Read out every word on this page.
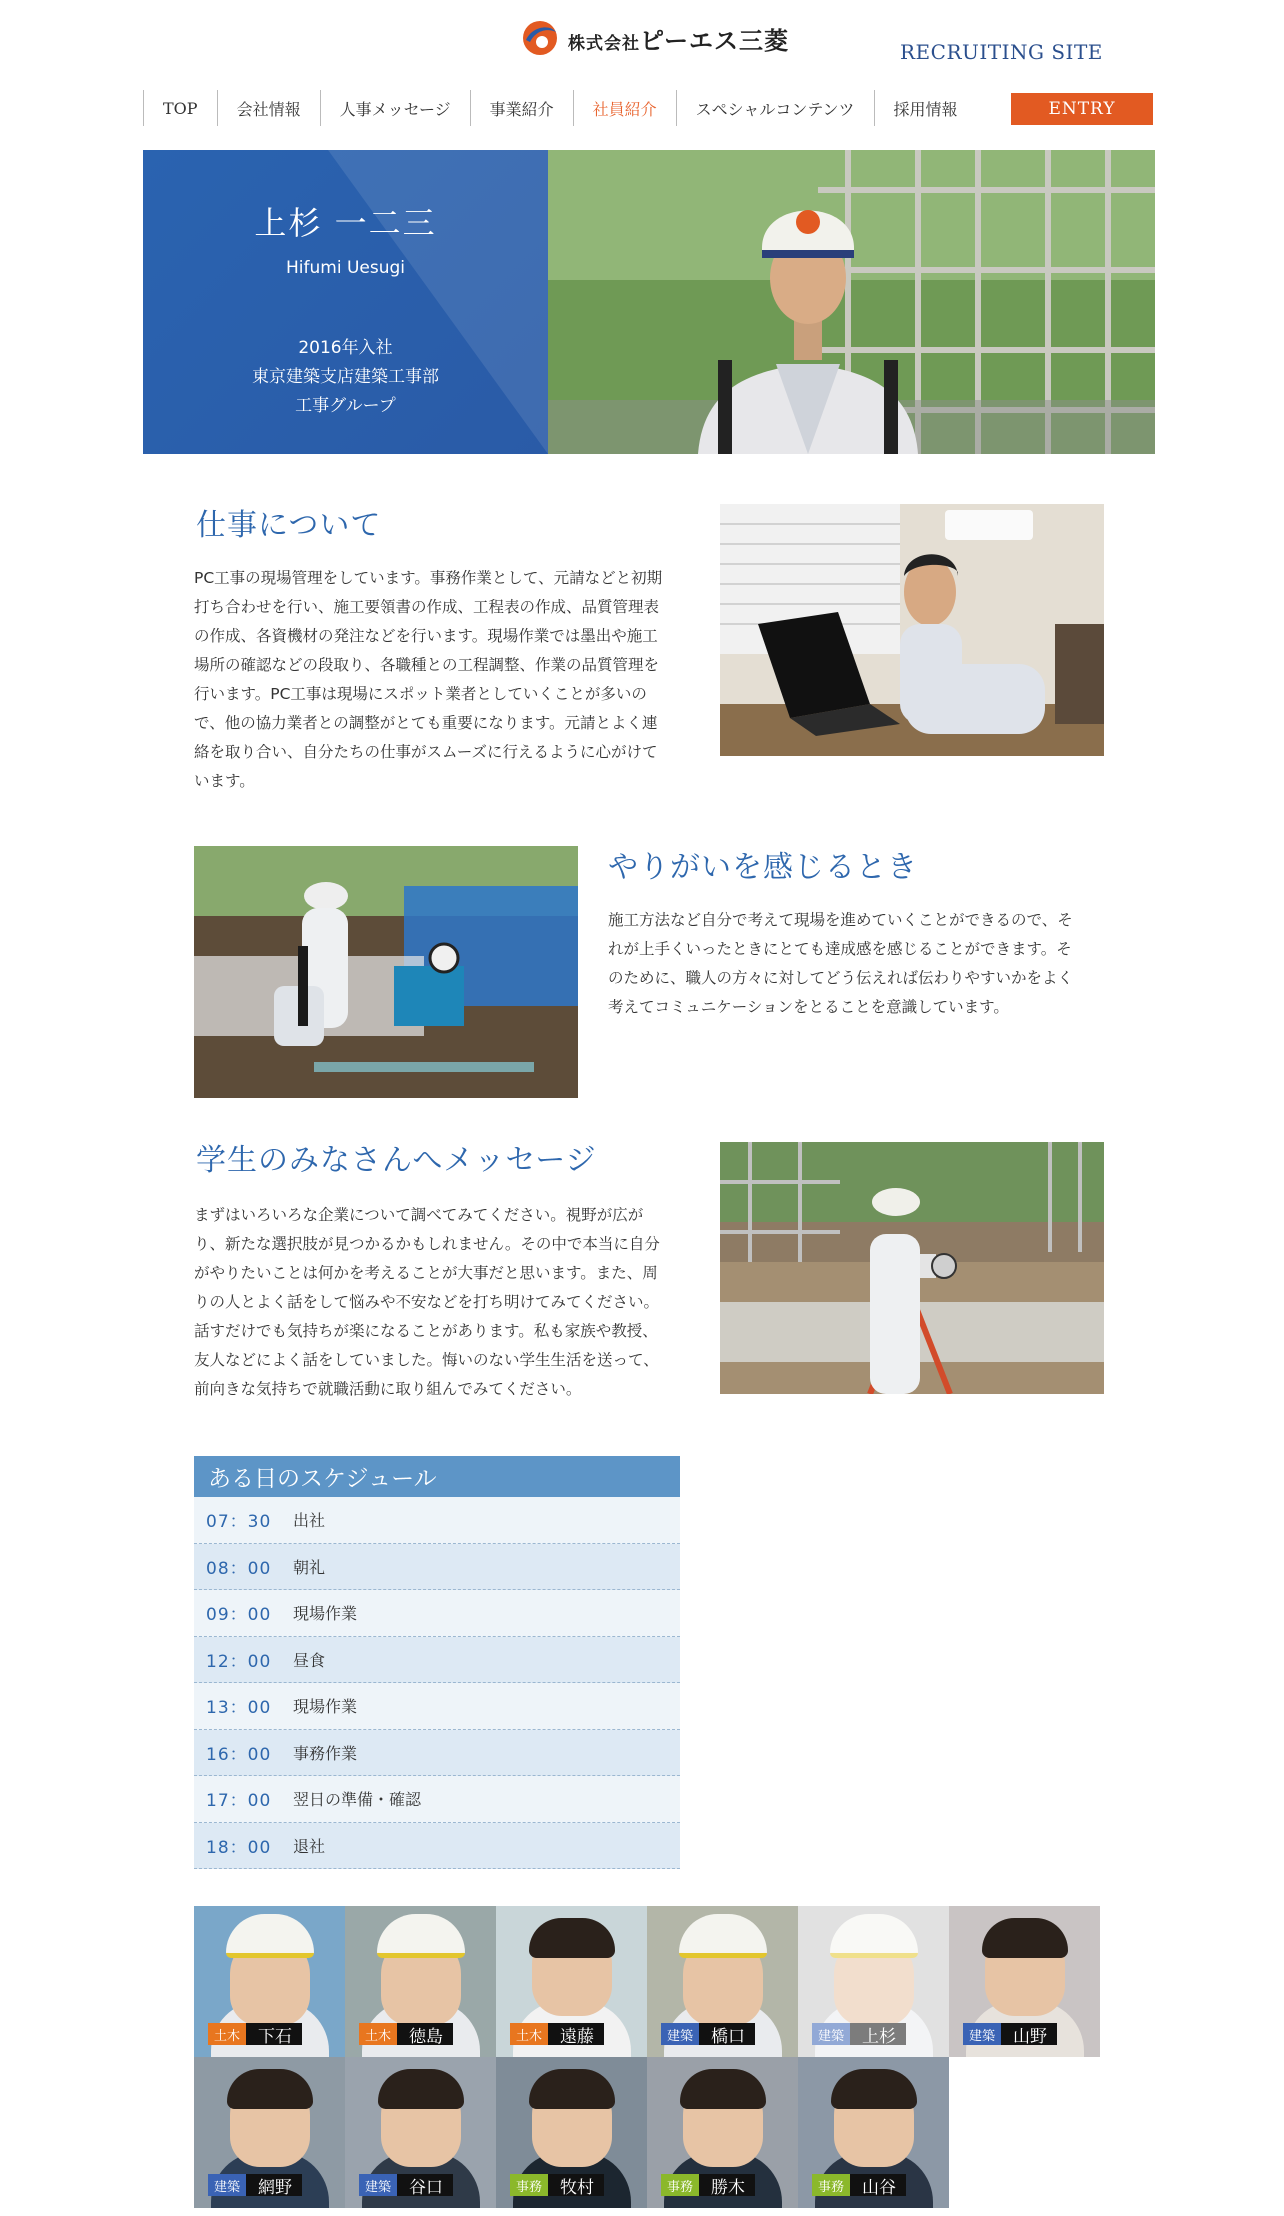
株式会社ピーエス三菱	RECRUITING SITE
TOP	会社情報	人事メッセージ	事業紹介	社員紹介	スペシャルコンテンツ	採用情報	ENTRY
上杉 一二三
Hifumi Uesugi
2016年入社
東京建築支店建築工事部
工事グループ
仕事について
PC工事の現場管理をしています。事務作業として、元請などと初期
打ち合わせを行い、施工要領書の作成、工程表の作成、品質管理表
の作成、各資機材の発注などを行います。現場作業では墨出や施工
場所の確認などの段取り、各職種との工程調整、作業の品質管理を
行います。PC工事は現場にスポット業者としていくことが多いの
で、他の協力業者との調整がとても重要になります。元請とよく連
絡を取り合い、自分たちの仕事がスムーズに行えるように心がけて
います。
やりがいを感じるとき
施工方法など自分で考えて現場を進めていくことができるので、そ
れが上手くいったときにとても達成感を感じることができます。そ
のために、職人の方々に対してどう伝えれば伝わりやすいかをよく
考えてコミュニケーションをとることを意識しています。
学生のみなさんへメッセージ
まずはいろいろな企業について調べてみてください。視野が広が
り、新たな選択肢が見つかるかもしれません。その中で本当に自分
がやりたいことは何かを考えることが大事だと思います。また、周
りの人とよく話をして悩みや不安などを打ち明けてみてください。
話すだけでも気持ちが楽になることがあります。私も家族や教授、
友人などによく話をしていました。悔いのない学生生活を送って、
前向きな気持ちで就職活動に取り組んでみてください。
ある日のスケジュール
07：30	出社
08：00	朝礼
09：00	現場作業
12：00	昼食
13：00	現場作業
16：00	事務作業
17：00	翌日の準備・確認
18：00	退社
土木	下石	土木	徳島	土木	遠藤	建築	橋口	建築	上杉	建築	山野
建築	網野	建築	谷口	事務	牧村	事務	勝木	事務	山谷
